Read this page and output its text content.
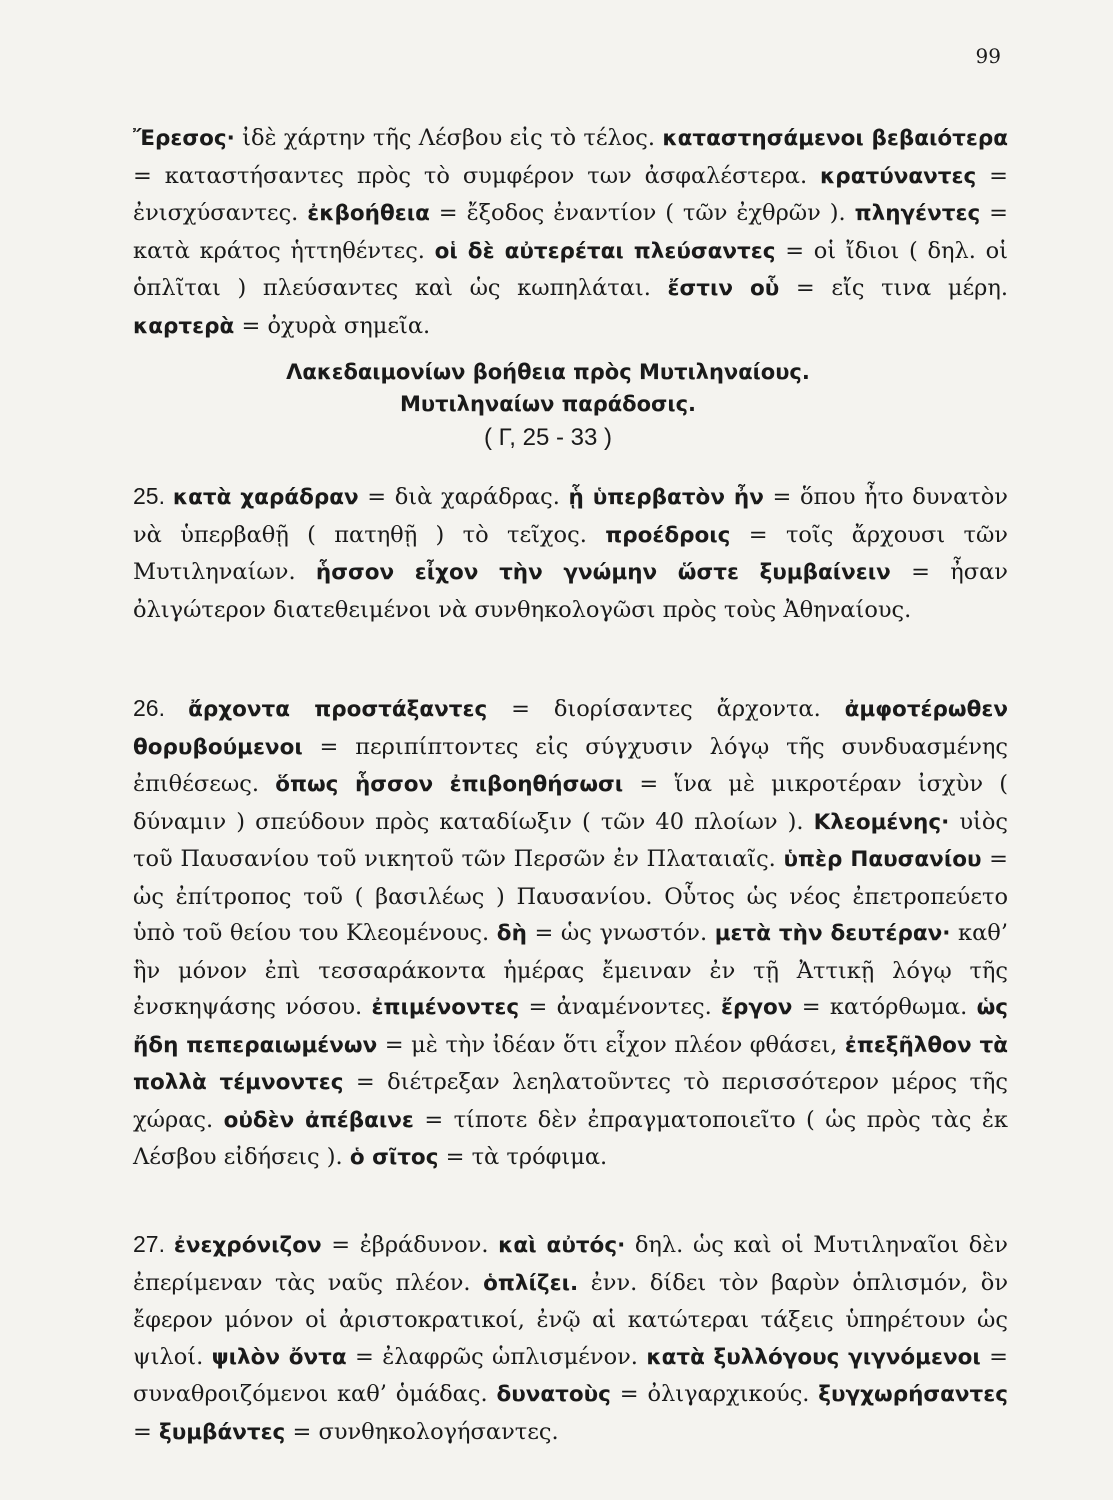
99
Ἔρεσος· ἰδὲ χάρτην τῆς Λέσβου εἰς τὸ τέλος. καταστησάμενοι βεβαιότερα = καταστήσαντες πρὸς τὸ συμφέρον των ἀσφαλέστερα. κρατύναντες = ἐνισχύσαντες. ἐκβοήθεια = ἔξοδος ἐναντίον ( τῶν ἐχθρῶν ). πληγέντες = κατὰ κράτος ἡττηθέντες. οἱ δὲ αὐτερέται πλεύσαντες = οἱ ἴδιοι ( δηλ. οἱ ὁπλῖται ) πλεύσαντες καὶ ὡς κωπηλάται. ἔστιν οὗ = εἴς τινα μέρη. καρτερὰ = ὀχυρὰ σημεῖα.
Λακεδαιμονίων βοήθεια πρὸς Μυτιληναίους.
Μυτιληναίων παράδοσις.
( Γ, 25 - 33 )
25. κατὰ χαράδραν = διὰ χαράδρας. ᾗ ὑπερβατὸν ἦν = ὅπου ἦτο δυνατὸν νὰ ὑπερβαθῇ ( πατηθῇ ) τὸ τεῖχος. προέδροις = τοῖς ἄρχουσι τῶν Μυτιληναίων. ἧσσον εἶχον τὴν γνώμην ὥστε ξυμβαίνειν = ἦσαν ὀλιγώτερον διατεθειμένοι νὰ συνθηκολογῶσι πρὸς τοὺς Ἀθηναίους.
26. ἄρχοντα προστάξαντες = διορίσαντες ἄρχοντα. ἀμφοτέρωθεν θορυβούμενοι = περιπίπτοντες εἰς σύγχυσιν λόγῳ τῆς συνδυασμένης ἐπιθέσεως. ὅπως ἧσσον ἐπιβοηθήσωσι = ἵνα μὲ μικροτέραν ἰσχὺν ( δύναμιν ) σπεύδουν πρὸς καταδίωξιν ( τῶν 40 πλοίων ). Κλεομένης· υἱὸς τοῦ Παυσανίου τοῦ νικητοῦ τῶν Περσῶν ἐν Πλαταιαῖς. ὑπὲρ Παυσανίου = ὡς ἐπίτροπος τοῦ ( βασιλέως ) Παυσανίου. Οὗτος ὡς νέος ἐπετροπεύετο ὑπὸ τοῦ θείου του Κλεομένους. δὴ = ὡς γνωστόν. μετὰ τὴν δευτέραν· καθ’ ἣν μόνον ἐπὶ τεσσαράκοντα ἡμέρας ἔμειναν ἐν τῇ Ἀττικῇ λόγῳ τῆς ἐνσκηψάσης νόσου. ἐπιμένοντες = ἀναμένοντες. ἔργον = κατόρθωμα. ὡς ἤδη πεπεραιωμένων = μὲ τὴν ἰδέαν ὅτι εἶχον πλέον φθάσει, ἐπεξῆλθον τὰ πολλὰ τέμνοντες = διέτρεξαν λεηλατοῦντες τὸ περισσότερον μέρος τῆς χώρας. οὐδὲν ἀπέβαινε = τίποτε δὲν ἐπραγματοποιεῖτο ( ὡς πρὸς τὰς ἐκ Λέσβου εἰδήσεις ). ὁ σῖτος = τὰ τρόφιμα.
27. ἐνεχρόνιζον = ἐβράδυνον. καὶ αὐτός· δηλ. ὡς καὶ οἱ Μυτιληναῖοι δὲν ἐπερίμεναν τὰς ναῦς πλέον. ὁπλίζει. ἐνν. δίδει τὸν βαρὺν ὁπλισμόν, ὃν ἔφερον μόνον οἱ ἀριστοκρατικοί, ἐνῷ αἱ κατώτεραι τάξεις ὑπηρέτουν ὡς ψιλοί. ψιλὸν ὄντα = ἐλαφρῶς ὡπλισμένον. κατὰ ξυλλόγους γιγνόμενοι = συναθροιζόμενοι καθ’ ὁμάδας. δυνατοὺς = ὀλιγαρχικούς. ξυγχωρήσαντες = ξυμβάντες = συνθηκολογήσαντες.
